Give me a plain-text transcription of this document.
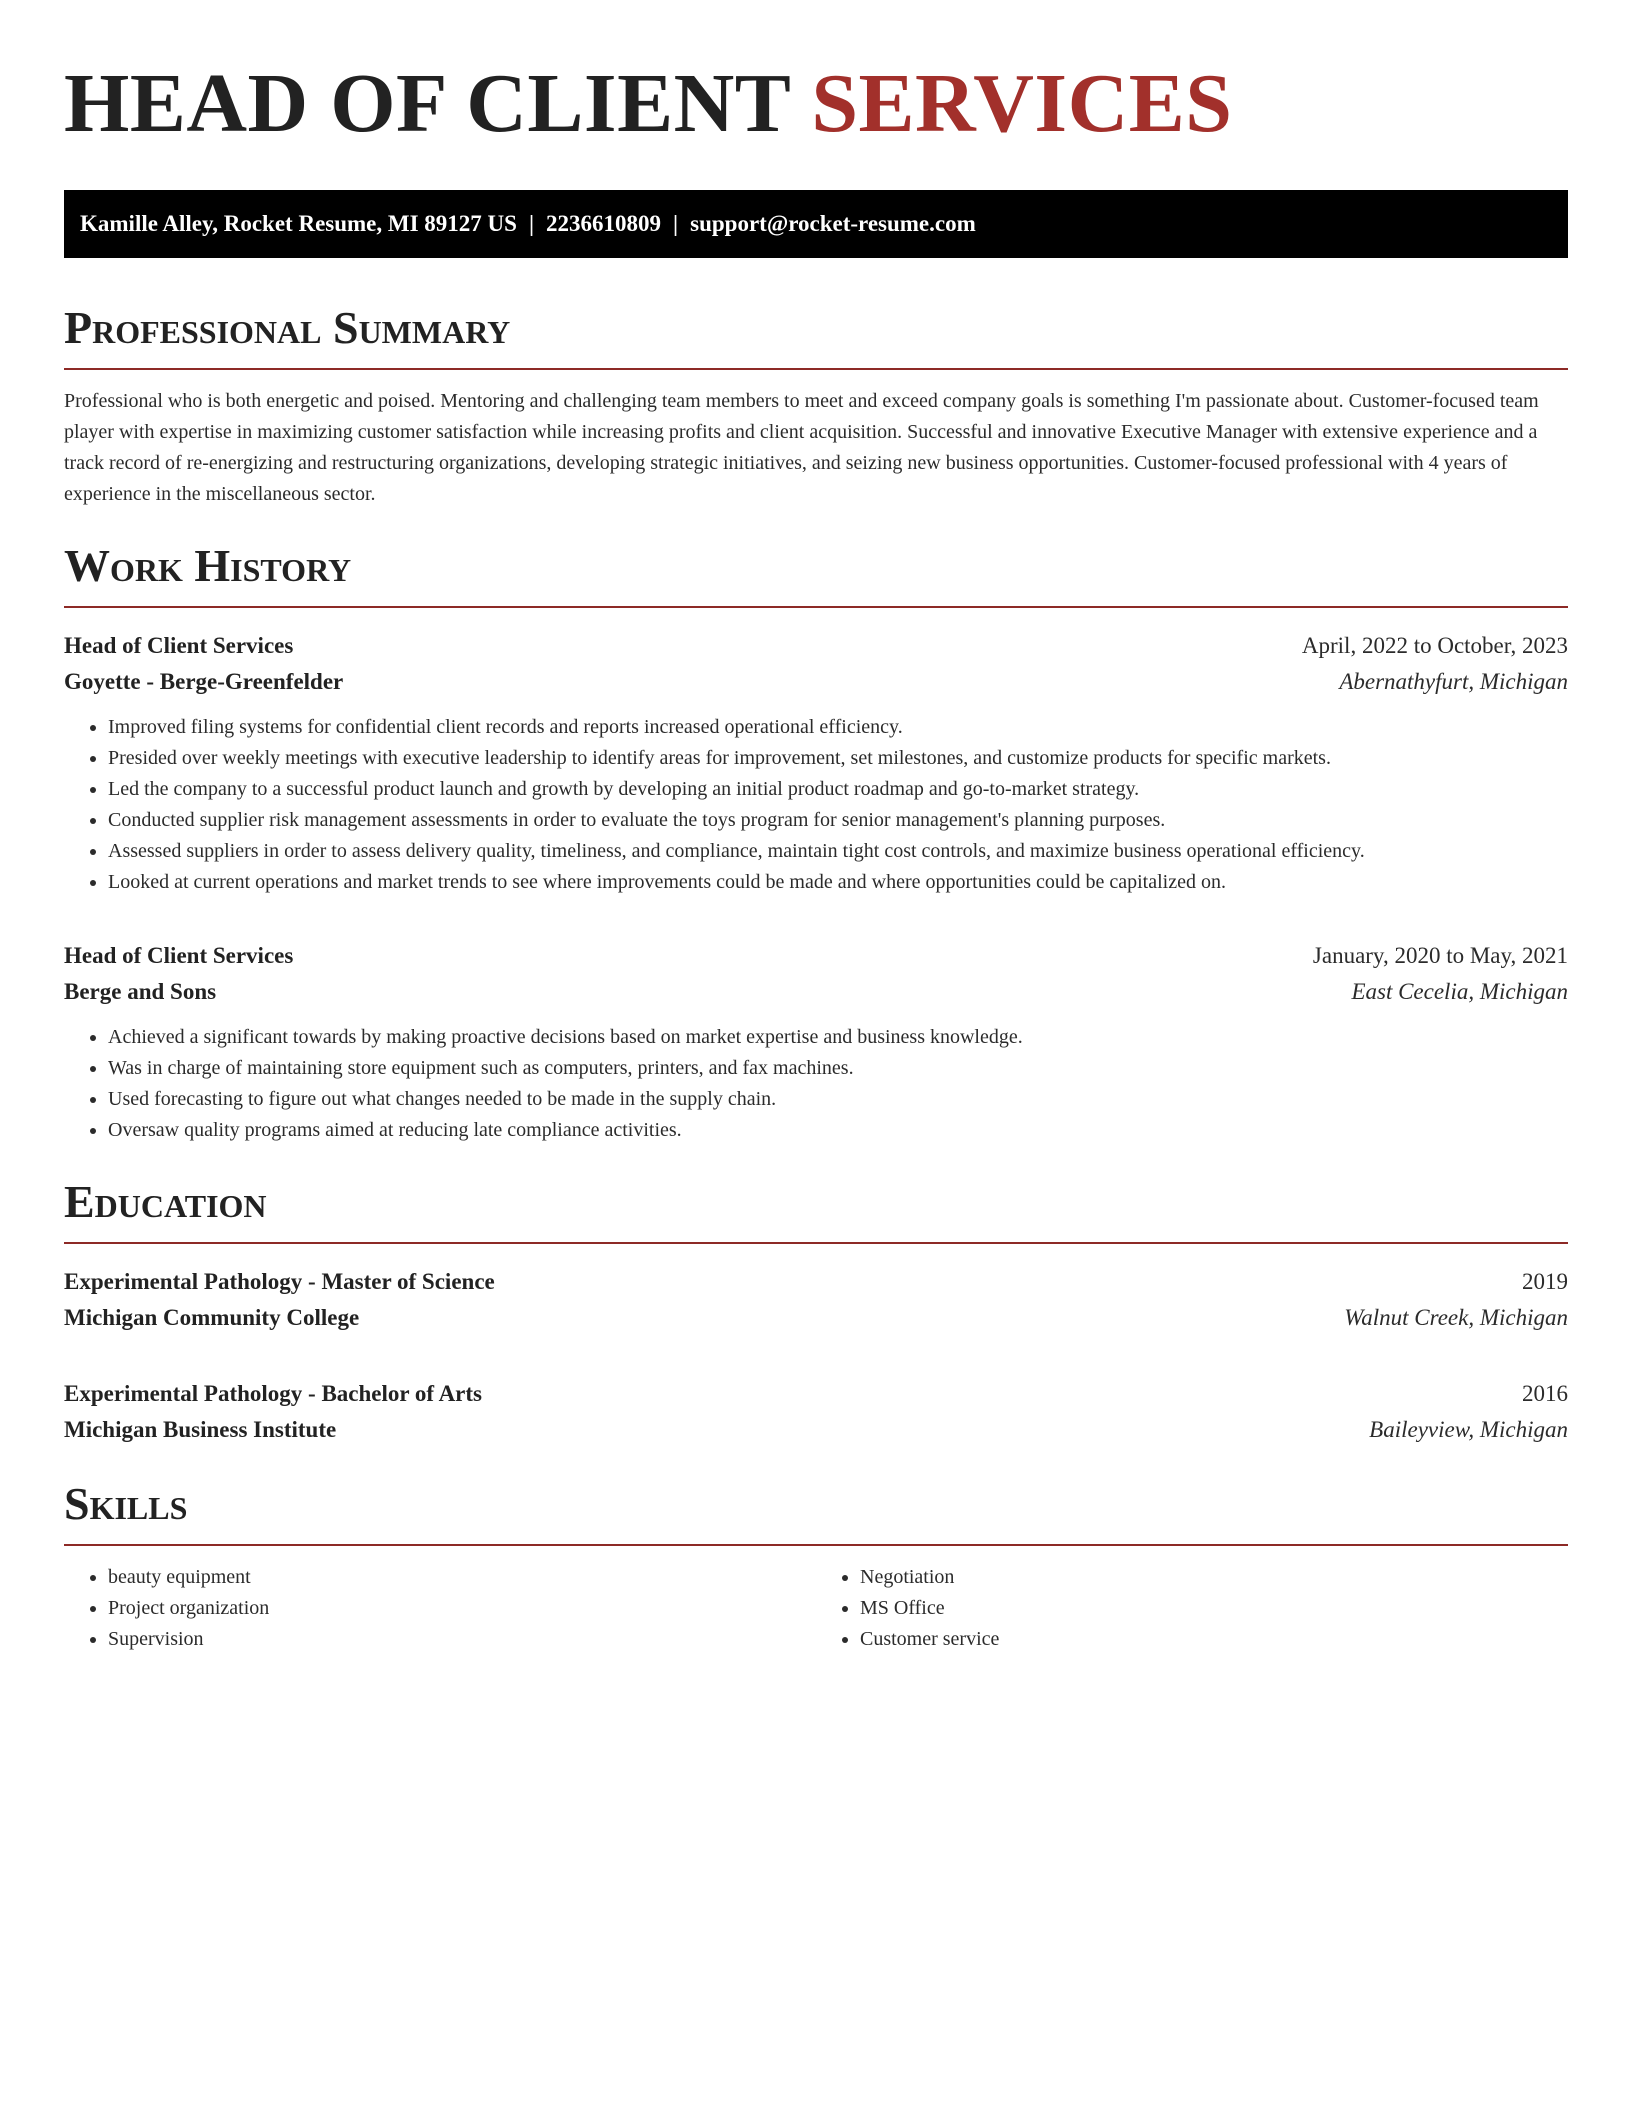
HEAD OF CLIENT SERVICES
Kamille Alley, Rocket Resume, MI 89127 US | 2236610809 | support@rocket-resume.com
Professional Summary

Professional who is both energetic and poised. Mentoring and challenging team members to meet and exceed company goals is something I'm passionate about. Customer-focused team player with expertise in maximizing customer satisfaction while increasing profits and client acquisition. Successful and innovative Executive Manager with extensive experience and a track record of re-energizing and restructuring organizations, developing strategic initiatives, and seizing new business opportunities. Customer-focused professional with 4 years of experience in the miscellaneous sector.

Work History
Head of Client Services	April, 2022 to October, 2023
Goyette - Berge-Greenfelder	Abernathyfurt, Michigan
• Improved filing systems for confidential client records and reports increased operational efficiency.
• Presided over weekly meetings with executive leadership to identify areas for improvement, set milestones, and customize products for specific markets.
• Led the company to a successful product launch and growth by developing an initial product roadmap and go-to-market strategy.
• Conducted supplier risk management assessments in order to evaluate the toys program for senior management's planning purposes.
• Assessed suppliers in order to assess delivery quality, timeliness, and compliance, maintain tight cost controls, and maximize business operational efficiency.
• Looked at current operations and market trends to see where improvements could be made and where opportunities could be capitalized on.
Head of Client Services	January, 2020 to May, 2021
Berge and Sons	East Cecelia, Michigan
• Achieved a significant towards by making proactive decisions based on market expertise and business knowledge.
• Was in charge of maintaining store equipment such as computers, printers, and fax machines.
• Used forecasting to figure out what changes needed to be made in the supply chain.
• Oversaw quality programs aimed at reducing late compliance activities.
Education
Experimental Pathology - Master of Science	2019
Michigan Community College	Walnut Creek, Michigan
Experimental Pathology - Bachelor of Arts	2016
Michigan Business Institute	Baileyview, Michigan
Skills
• beauty equipment
• Project organization
• Supervision
• Negotiation
• MS Office
• Customer service
